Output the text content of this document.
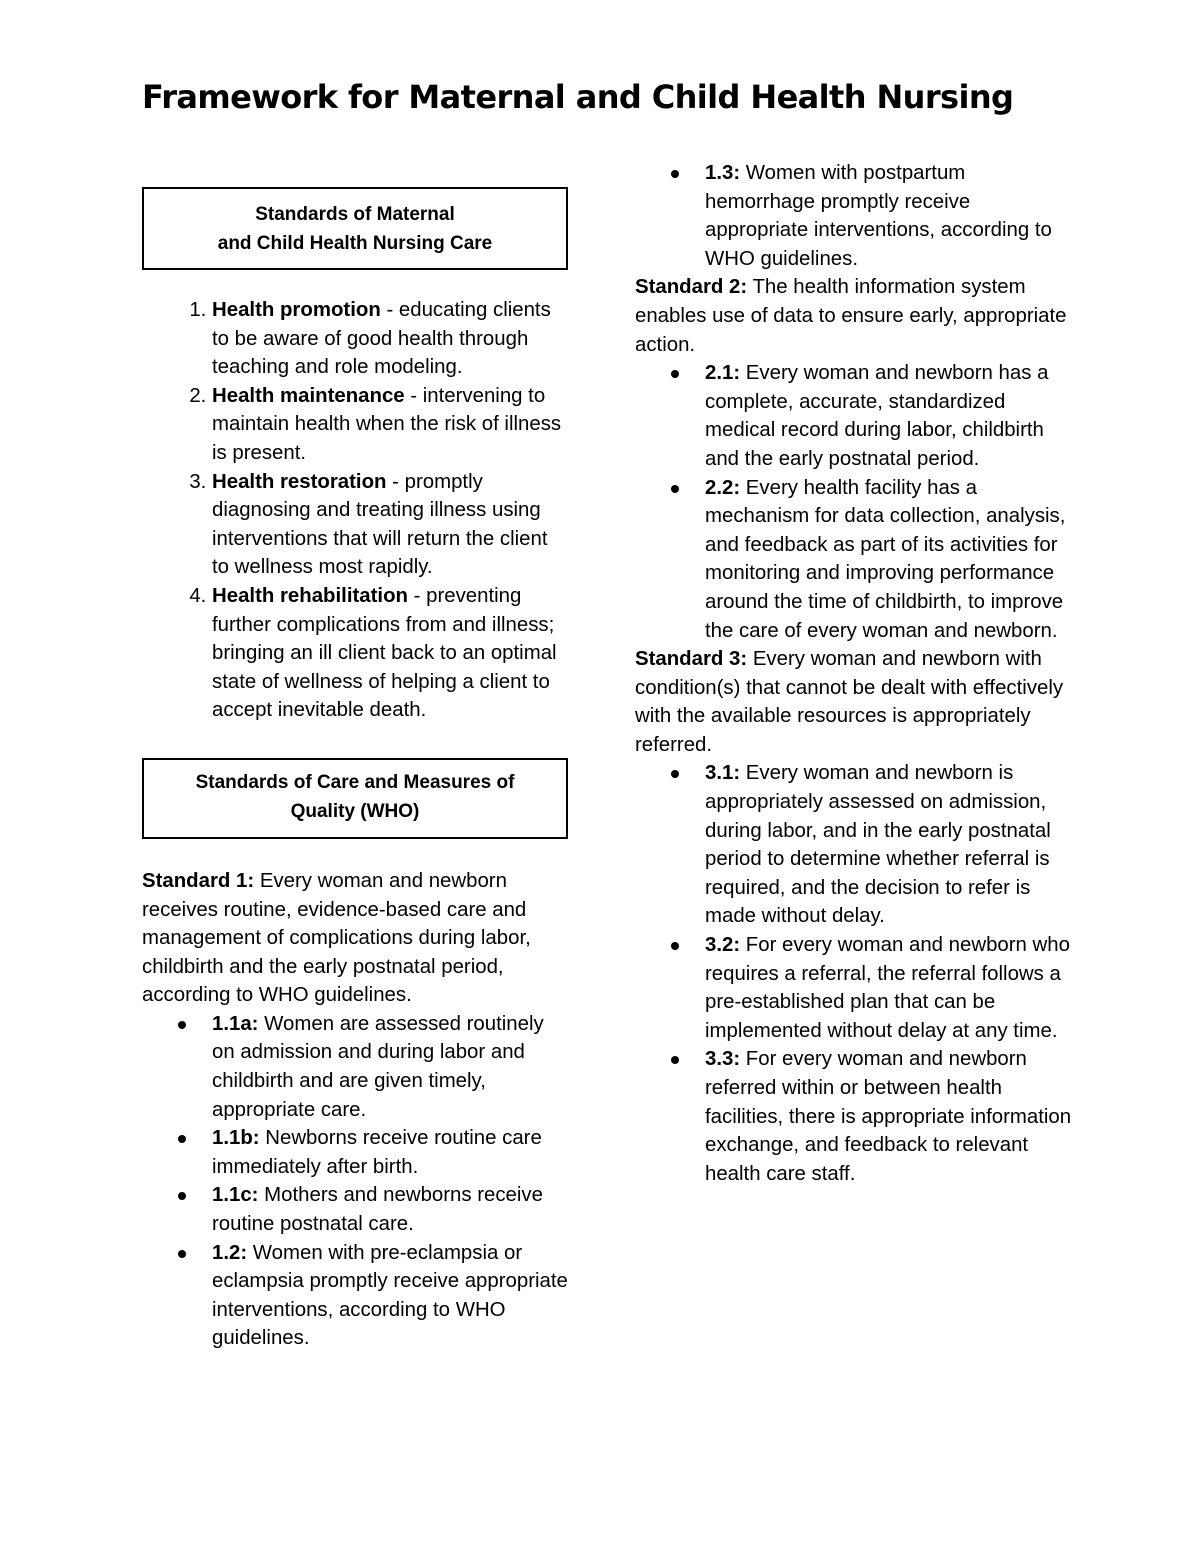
Framework for Maternal and Child Health Nursing
Standards of Maternal
and Child Health Nursing Care
1. Health promotion - educating clients to be aware of good health through teaching and role modeling.
2. Health maintenance - intervening to maintain health when the risk of illness is present.
3. Health restoration - promptly diagnosing and treating illness using interventions that will return the client to wellness most rapidly.
4. Health rehabilitation - preventing further complications from and illness; bringing an ill client back to an optimal state of wellness of helping a client to accept inevitable death.
Standards of Care and Measures of
Quality (WHO)

Standard 1: Every woman and newborn receives routine, evidence-based care and management of complications during labor, childbirth and the early postnatal period, according to WHO guidelines.

1.1a: Women are assessed routinely on admission and during labor and childbirth and are given timely, appropriate care.
1.1b: Newborns receive routine care immediately after birth.
1.1c: Mothers and newborns receive routine postnatal care.
1.2: Women with pre-eclampsia or eclampsia promptly receive appropriate interventions, according to WHO guidelines.
1.3: Women with postpartum hemorrhage promptly receive appropriate interventions, according to WHO guidelines.

Standard 2: The health information system enables use of data to ensure early, appropriate action.

2.1: Every woman and newborn has a complete, accurate, standardized medical record during labor, childbirth and the early postnatal period.
2.2: Every health facility has a mechanism for data collection, analysis, and feedback as part of its activities for monitoring and improving performance around the time of childbirth, to improve the care of every woman and newborn.

Standard 3: Every woman and newborn with condition(s) that cannot be dealt with effectively with the available resources is appropriately referred.

3.1: Every woman and newborn is appropriately assessed on admission, during labor, and in the early postnatal period to determine whether referral is required, and the decision to refer is made without delay.
3.2: For every woman and newborn who requires a referral, the referral follows a pre-established plan that can be implemented without delay at any time.
3.3: For every woman and newborn referred within or between health facilities, there is appropriate information exchange, and feedback to relevant health care staff.
